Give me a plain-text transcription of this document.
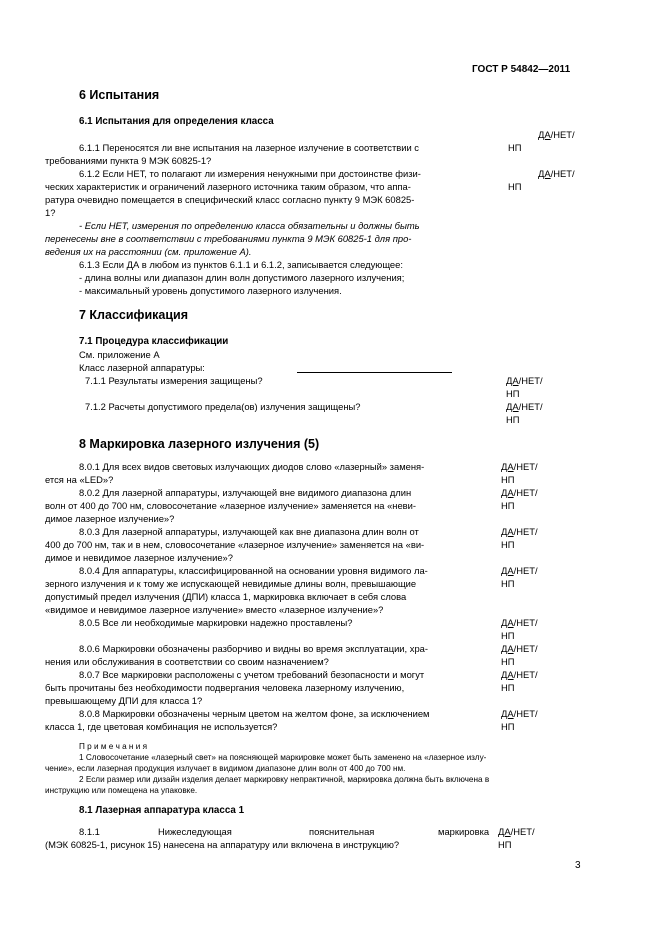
ГОСТ Р 54842—2011
6 Испытания
6.1 Испытания для определения класса
ДА/НЕТ/
6.1.1 Переносятся ли вне испытания на лазерное излучение в соответствии с	НП
требованиями пункта 9 МЭК 60825-1?
6.1.2 Если НЕТ, то полагают ли измерения ненужными при достоинстве физи-	ДА/НЕТ/
ческих характеристик и ограничений лазерного источника таким образом, что аппа-	НП
ратура очевидно помещается в специфический класс согласно пункту 9 МЭК 60825-
1?
- Если НЕТ, измерения по определению класса обязательны и должны быть
перенесены вне в соответствии с требованиями пункта 9 МЭК 60825-1 для про-
ведения их на расстоянии (см. приложение А).
6.1.3 Если ДА в любом из пунктов 6.1.1 и 6.1.2, записывается следующее:
- длина волны или диапазон длин волн допустимого лазерного излучения;
- максимальный уровень допустимого лазерного излучения.
7 Классификация
7.1 Процедура классификации
См. приложение А
Класс лазерной аппаратуры:
7.1.1 Результаты измерения защищены?	ДА/НЕТ/
НП
7.1.2 Расчеты допустимого предела(ов) излучения защищены?	ДА/НЕТ/
НП
8 Маркировка лазерного излучения (5)
8.0.1 Для всех видов световых излучающих диодов слово «лазерный» заменя-	ДА/НЕТ/
ется на «LED»?	НП
8.0.2 Для лазерной аппаратуры, излучающей вне видимого диапазона длин	ДА/НЕТ/
волн от 400 до 700 нм, словосочетание «лазерное излучение» заменяется на «неви-	НП
димое лазерное излучение»?
8.0.3 Для лазерной аппаратуры, излучающей как вне диапазона длин волн от	ДА/НЕТ/
400 до 700 нм, так и в нем, словосочетание «лазерное излучение» заменяется на «ви-	НП
димое и невидимое лазерное излучение»?
8.0.4 Для аппаратуры, классифицированной на основании уровня видимого ла-	ДА/НЕТ/
зерного излучения и к тому же испускающей невидимые длины волн, превышающие	НП
допустимый предел излучения (ДПИ) класса 1, маркировка включает в себя слова
«видимое и невидимое лазерное излучение» вместо «лазерное излучение»?
8.0.5 Все ли необходимые маркировки надежно проставлены?	ДА/НЕТ/
НП
8.0.6 Маркировки обозначены разборчиво и видны во время эксплуатации, хра-	ДА/НЕТ/
нения или обслуживания в соответствии со своим назначением?	НП
8.0.7 Все маркировки расположены с учетом требований безопасности и могут	ДА/НЕТ/
быть прочитаны без необходимости подвергания человека лазерному излучению,	НП
превышающему ДПИ для класса 1?
8.0.8 Маркировки обозначены черным цветом на желтом фоне, за исключением	ДА/НЕТ/
класса 1, где цветовая комбинация не используется?	НП
П р и м е ч а н и я
1 Словосочетание «лазерный свет» на поясняющей маркировке может быть заменено на «лазерное излу-
чение», если лазерная продукция излучает в видимом диапазоне длин волн от 400 до 700 нм.
2 Если размер или дизайн изделия делает маркировку непрактичной, маркировка должна быть включена в
инструкцию или помещена на упаковке.
8.1 Лазерная аппаратура класса 1
8.1.1	Нижеследующая	пояснительная	маркировка ДА/НЕТ/
(МЭК 60825-1, рисунок 15) нанесена на аппаратуру или включена в инструкцию?	НП
3
